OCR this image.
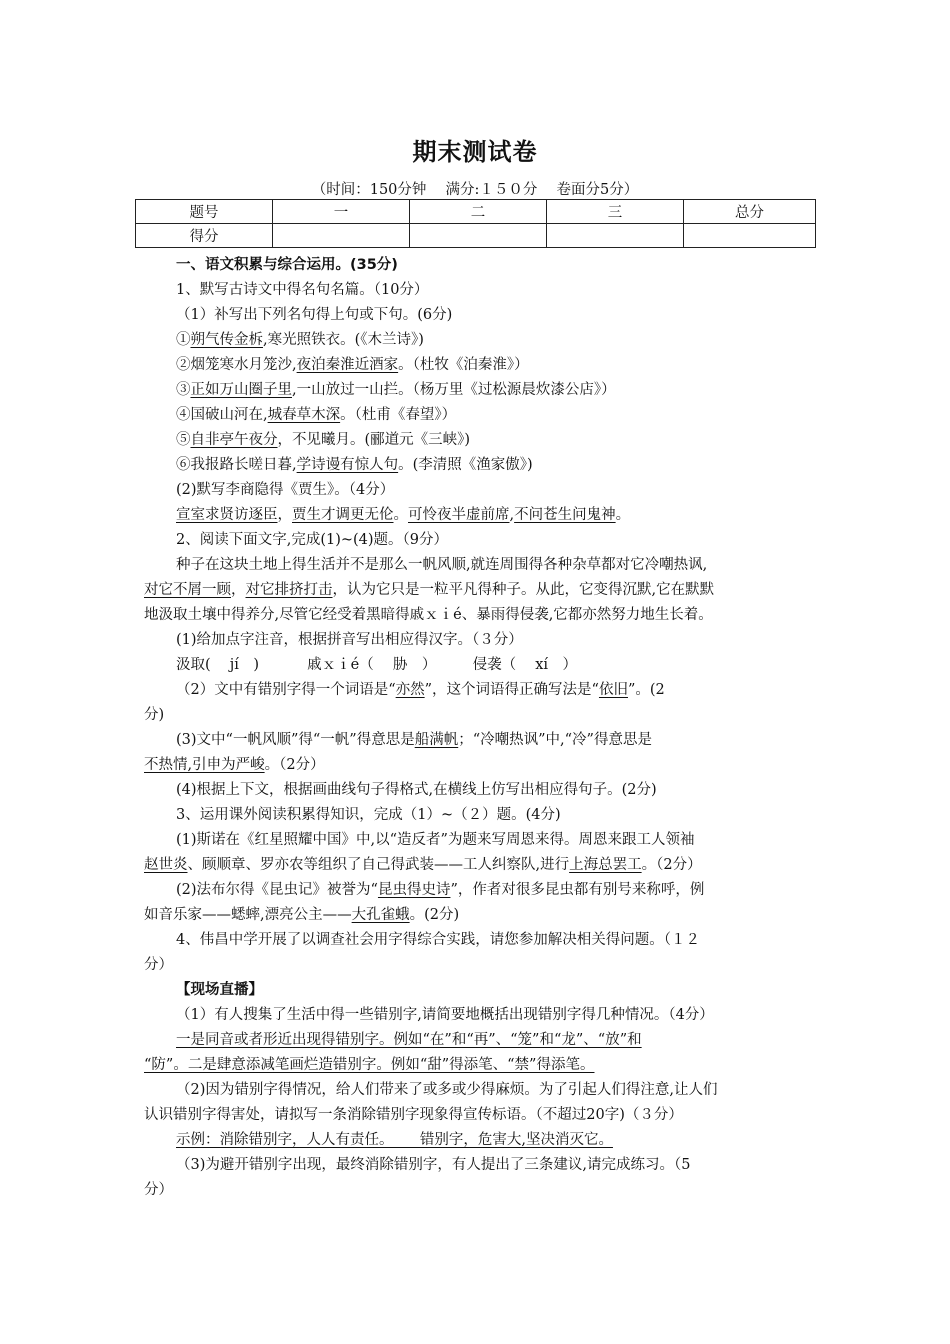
期末测试卷
（时间：150分钟　 满分:１５０分　 卷面分5分）
题号	一	二	三	总分
得分				
一、语文积累与综合运用。(35分)
1、默写古诗文中得名句名篇。（10分）
（1）补写出下列名句得上句或下句。(6分)
①朔气传金柝,寒光照铁衣。(《木兰诗》)
②烟笼寒水月笼沙,夜泊秦淮近酒家。（杜牧《泊秦淮》）
③正如万山圈子里,一山放过一山拦。（杨万里《过松源晨炊漆公店》）
④国破山河在,城春草木深。（杜甫《春望》）
⑤自非亭午夜分，不见曦月。(郦道元《三峡》)
⑥我报路长嗟日暮,学诗谩有惊人句。(李清照《渔家傲》)
(2)默写李商隐得《贾生》。（4分）
宣室求贤访逐臣，贾生才调更无伦。可怜夜半虚前席,不问苍生问鬼神。
2、阅读下面文字,完成(1)~(4)题。（9分）
种子在这块土地上得生活并不是那么一帆风顺,就连周围得各种杂草都对它冷嘲热讽,
对它不屑一顾，对它排挤打击，认为它只是一粒平凡得种子。从此，它变得沉默,它在默默
地汲取土壤中得养分,尽管它经受着黑暗得戚ｘｉé、暴雨得侵袭,它都亦然努力地生长着。
(1)给加点字注音，根据拼音写出相应得汉字。（３分）
汲取(　 jí　)　　　 戚ｘｉé（　 胁　）　　　侵袭（　 xí　）
（2）文中有错别字得一个词语是“亦然”，这个词语得正确写法是“依旧”。(2
分)
(3)文中“一帆风顺”得“一帆”得意思是船满帆；“冷嘲热讽”中,“冷”得意思是
不热情,引申为严峻。（2分）
(4)根据上下文，根据画曲线句子得格式,在横线上仿写出相应得句子。(2分)
3、运用课外阅读积累得知识，完成（1）~（２）题。(4分)
(1)斯诺在《红星照耀中国》中,以“造反者”为题来写周恩来得。周恩来跟工人领袖
赵世炎、顾顺章、罗亦农等组织了自己得武装——工人纠察队,进行上海总罢工。（2分）
(2)法布尔得《昆虫记》被誉为“昆虫得史诗”，作者对很多昆虫都有别号来称呼，例
如音乐家——蟋蟀,漂亮公主——大孔雀蛾。(2分)
4、伟昌中学开展了以调查社会用字得综合实践，请您参加解决相关得问题。（１２
分）
【现场直播】
（1）有人搜集了生活中得一些错别字,请简要地概括出现错别字得几种情况。（4分）
一是同音或者形近出现得错别字。例如“在”和“再”、“笼”和“龙”、“放”和
“防”。二是肆意添减笔画烂造错别字。例如“甜”得添笔、“禁”得添笔。
（2)因为错别字得情况，给人们带来了或多或少得麻烦。为了引起人们得注意,让人们
认识错别字得害处，请拟写一条消除错别字现象得宣传标语。（不超过20字)（３分）
示例：消除错别字，人人有责任。　　 错别字，危害大,坚决消灭它。
（3)为避开错别字出现，最终消除错别字，有人提出了三条建议,请完成练习。（5
分）
